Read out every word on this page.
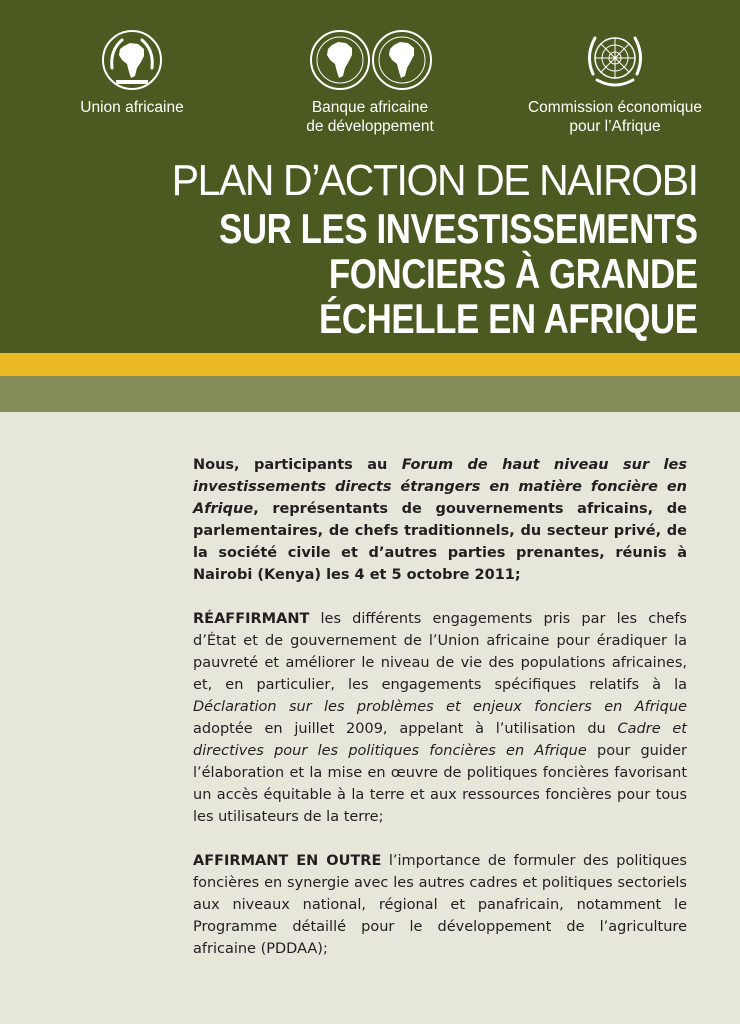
Union africaine	Banque africaine
de développement
Commission économique
pour l’Afrique
PLAN D’ACTION DE NAIROBI
SUR LES INVESTISSEMENTS
FONCIERS À GRANDE
ÉCHELLE EN AFRIQUE

Nous, participants au Forum de haut niveau sur les investissements directs étrangers en matière foncière en Afrique, représentants de gouvernements africains, de parlementaires, de chefs traditionnels, du secteur privé, de la société civile et d’autres parties prenantes, réunis à Nairobi (Kenya) les 4 et 5 octobre 2011;

RÉAFFIRMANT les différents engagements pris par les chefs d’État et de gouvernement de l’Union africaine pour éradiquer la pauvreté et améliorer le niveau de vie des populations africaines, et, en particulier, les engagements spécifiques relatifs à la Déclaration sur les problèmes et enjeux fonciers en Afrique adoptée en juillet 2009, appelant à l’utilisation du Cadre et directives pour les politiques foncières en Afrique pour guider l’élaboration et la mise en œuvre de politiques foncières favorisant un accès équitable à la terre et aux ressources foncières pour tous les utilisateurs de la terre;

AFFIRMANT EN OUTRE l’importance de formuler des politiques foncières en synergie avec les autres cadres et politiques sectoriels aux niveaux national, régional et panafricain, notamment le Programme détaillé pour le développement de l’agriculture africaine (PDDAA);
